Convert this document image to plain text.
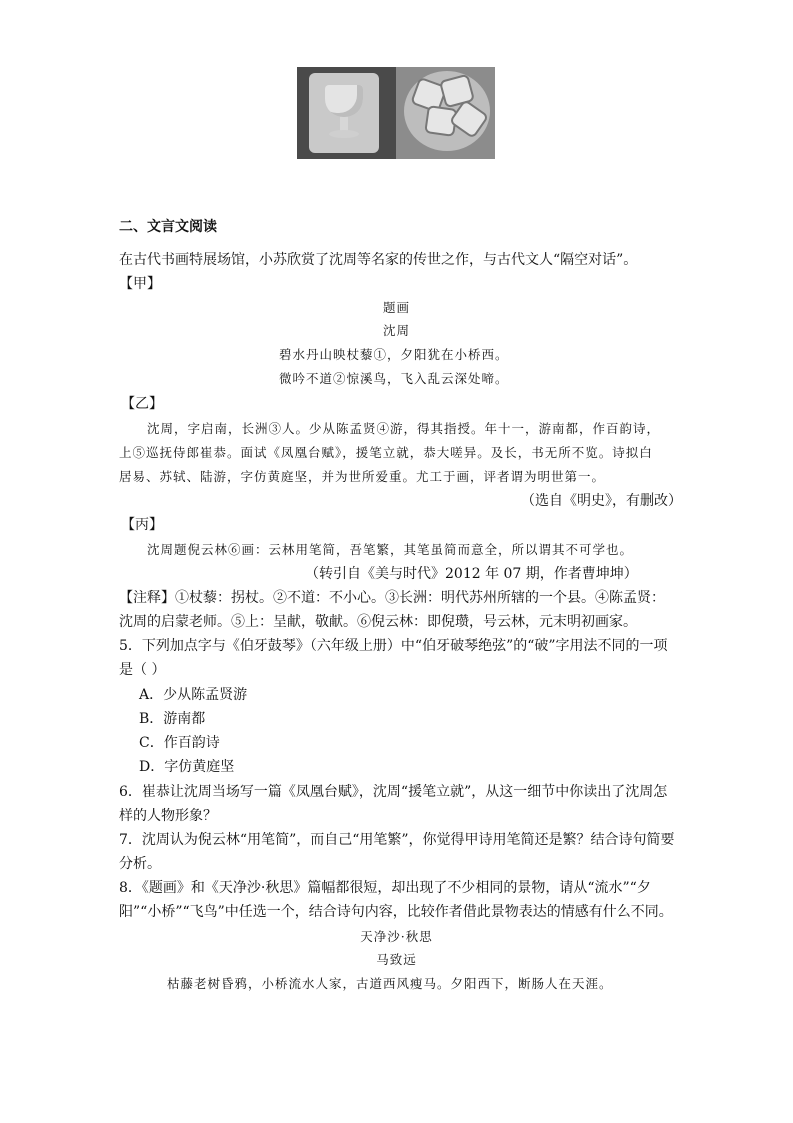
二、文言文阅读
在古代书画特展场馆，小苏欣赏了沈周等名家的传世之作，与古代文人“隔空对话”。
【甲】
题画
沈周
碧水丹山映杖藜①，夕阳犹在小桥西。
微吟不道②惊溪鸟，飞入乱云深处啼。
【乙】
沈周，字启南，长洲③人。少从陈孟贤④游，得其指授。年十一，游南都，作百韵诗，
上⑤巡抚侍郎崔恭。面试《凤凰台赋》，援笔立就，恭大嗟异。及长，书无所不览。诗拟白
居易、苏轼、陆游，字仿黄庭坚，并为世所爱重。尤工于画，评者谓为明世第一。
（选自《明史》，有删改）
【丙】
沈周题倪云林⑥画：云林用笔简，吾笔繁，其笔虽简而意全，所以谓其不可学也。
（转引自《美与时代》2012 年 07 期，作者曹坤坤）
【注释】①杖藜：拐杖。②不道：不小心。③长洲：明代苏州所辖的一个县。④陈孟贤：
沈周的启蒙老师。⑤上：呈献，敬献。⑥倪云林：即倪瓒，号云林，元末明初画家。
5．下列加点字与《伯牙鼓琴》（六年级上册）中“伯牙破琴绝弦”的“破”字用法不同的一项
是（ ）
A．少从陈孟贤游
B．游南都
C．作百韵诗
D．字仿黄庭坚
6．崔恭让沈周当场写一篇《凤凰台赋》，沈周“援笔立就”，从这一细节中你读出了沈周怎
样的人物形象？
7．沈周认为倪云林“用笔简”，而自己“用笔繁”，你觉得甲诗用笔简还是繁？结合诗句简要
分析。
8．《题画》和《天净沙·秋思》篇幅都很短，却出现了不少相同的景物，请从“流水”“夕
阳”“小桥”“飞鸟”中任选一个，结合诗句内容，比较作者借此景物表达的情感有什么不同。
天净沙·秋思
马致远
枯藤老树昏鸦，小桥流水人家，古道西风瘦马。夕阳西下，断肠人在天涯。
